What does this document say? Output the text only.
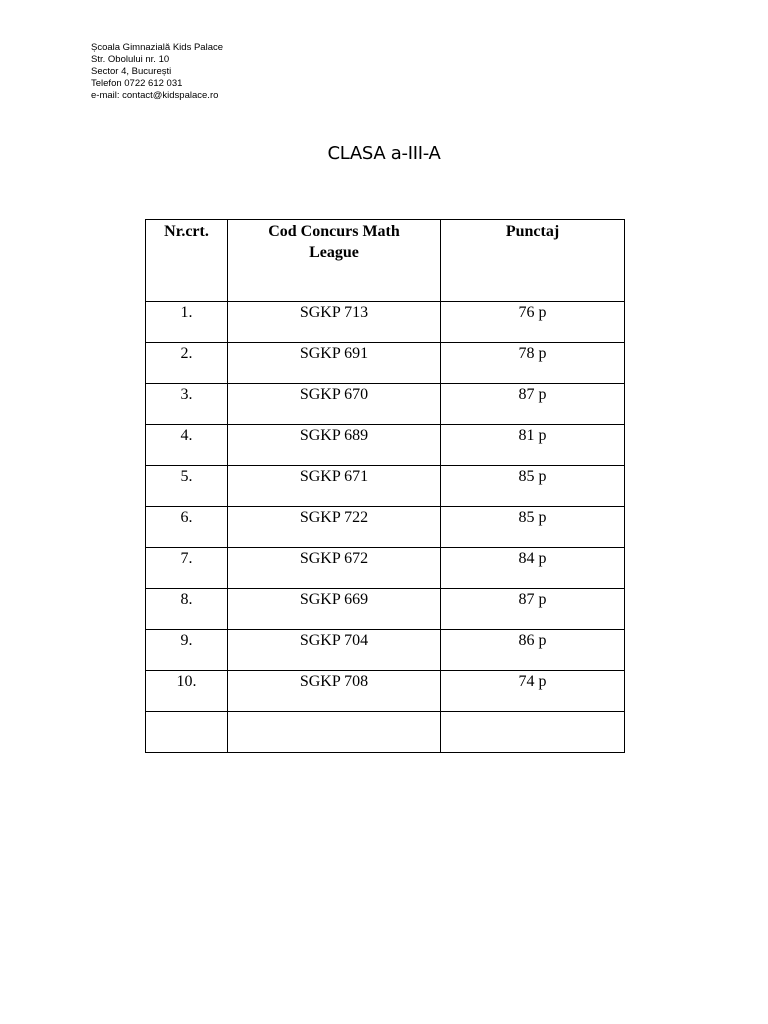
Școala Gimnazială Kids Palace
Str. Obolului nr. 10
Sector 4, București
Telefon 0722 612 031
e-mail: contact@kidspalace.ro
CLASA a-III-A
Nr.crt.	Cod Concurs Math League	Punctaj
1.	SGKP 713	76 p
2.	SGKP 691	78 p
3.	SGKP 670	87 p
4.	SGKP 689	81 p
5.	SGKP 671	85 p
6.	SGKP 722	85 p
7.	SGKP 672	84 p
8.	SGKP 669	87 p
9.	SGKP 704	86 p
10.	SGKP 708	74 p
